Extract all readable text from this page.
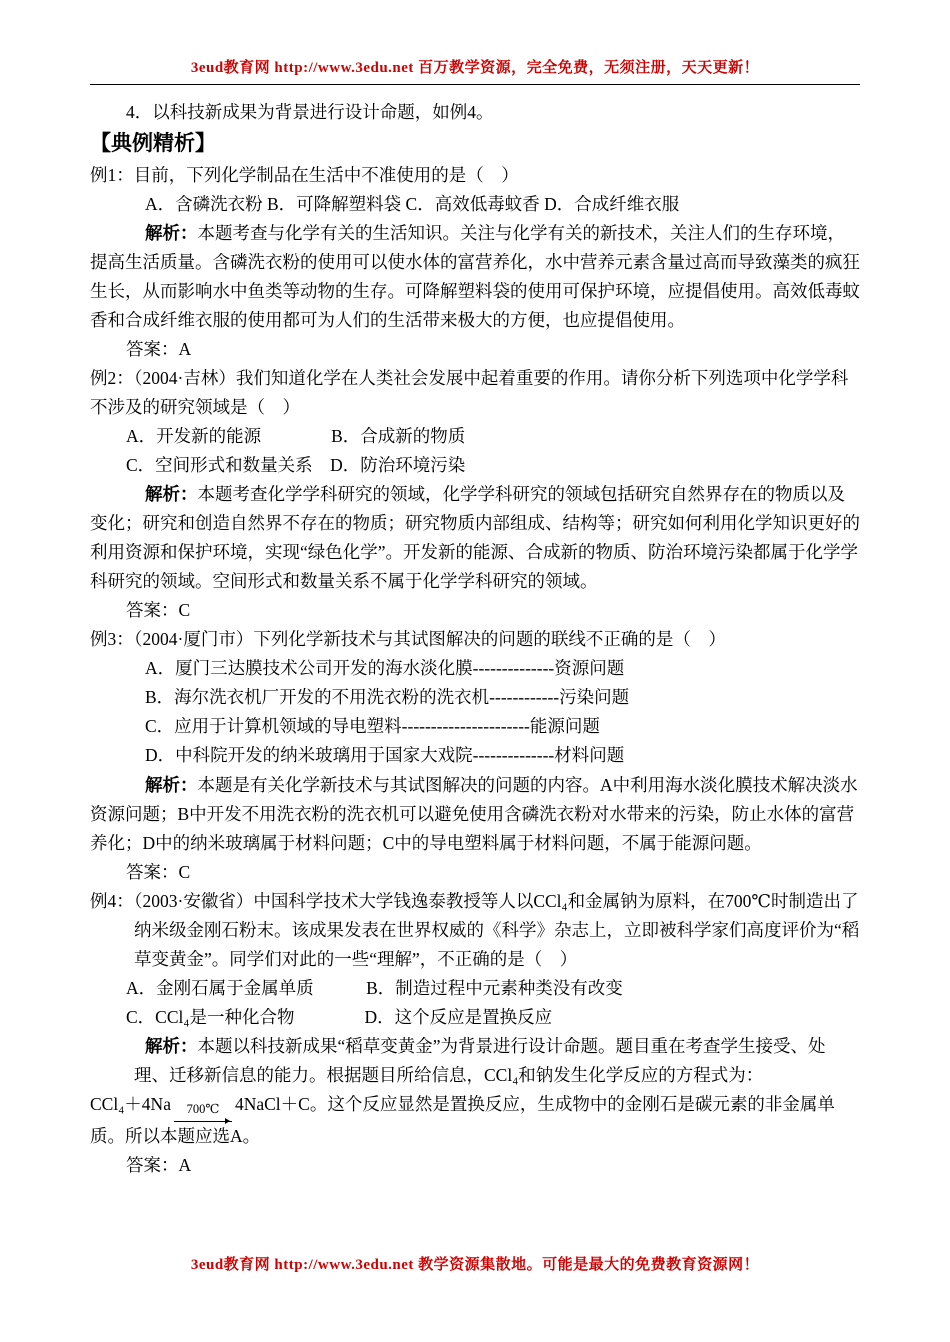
3eud教育网 http://www.3edu.net 百万教学资源，完全免费，无须注册，天天更新！

4．以科技新成果为背景进行设计命题，如例4。

【典例精析】

例1：目前，下列化学制品在生活中不准使用的是（　）

A．含磷洗衣粉 B．可降解塑料袋 C．高效低毒蚊香 D．合成纤维衣服

解析：本题考查与化学有关的生活知识。关注与化学有关的新技术，关注人们的生存环境，提高生活质量。含磷洗衣粉的使用可以使水体的富营养化，水中营养元素含量过高而导致藻类的疯狂生长，从而影响水中鱼类等动物的生存。可降解塑料袋的使用可保护环境，应提倡使用。高效低毒蚊香和合成纤维衣服的使用都可为人们的生活带来极大的方便，也应提倡使用。

答案：A

例2：（2004·吉林）我们知道化学在人类社会发展中起着重要的作用。请你分析下列选项中化学学科不涉及的研究领域是（　）

A．开发新的能源　　　　B．合成新的物质

C．空间形式和数量关系　D．防治环境污染

解析：本题考查化学学科研究的领域，化学学科研究的领域包括研究自然界存在的物质以及变化；研究和创造自然界不存在的物质；研究物质内部组成、结构等；研究如何利用化学知识更好的利用资源和保护环境，实现“绿色化学”。开发新的能源、合成新的物质、防治环境污染都属于化学学科研究的领域。空间形式和数量关系不属于化学学科研究的领域。

答案：C

例3：（2004·厦门市）下列化学新技术与其试图解决的问题的联线不正确的是（　）

A．厦门三达膜技术公司开发的海水淡化膜--------------资源问题

B．海尔洗衣机厂开发的不用洗衣粉的洗衣机------------污染问题

C．应用于计算机领域的导电塑料----------------------能源问题

D．中科院开发的纳米玻璃用于国家大戏院--------------材料问题

解析：本题是有关化学新技术与其试图解决的问题的内容。A中利用海水淡化膜技术解决淡水资源问题；B中开发不用洗衣粉的洗衣机可以避免使用含磷洗衣粉对水带来的污染，防止水体的富营养化；D中的纳米玻璃属于材料问题；C中的导电塑料属于材料问题，不属于能源问题。

答案：C

例4：（2003·安徽省）中国科学技术大学钱逸泰教授等人以CCl₄和金属钠为原料，在700℃时制造出了纳米级金刚石粉末。该成果发表在世界权威的《科学》杂志上，立即被科学家们高度评价为“稻草变黄金”。同学们对此的一些“理解”，不正确的是（　）

A．金刚石属于金属单质　　　B．制造过程中元素种类没有改变

C．CCl₄是一种化合物　　　　D．这个反应是置换反应

解析：本题以科技新成果“稻草变黄金”为背景进行设计命题。题目重在考查学生接受、处理、迁移新信息的能力。根据题目所给信息，CCl₄和钠发生化学反应的方程式为：

CCl₄＋4Na 700℃ 4NaCl＋C。这个反应显然是置换反应，生成物中的金刚石是碳元素的非金属单质。所以本题应选A。

答案：A

3eud教育网 http://www.3edu.net 教学资源集散地。可能是最大的免费教育资源网！
